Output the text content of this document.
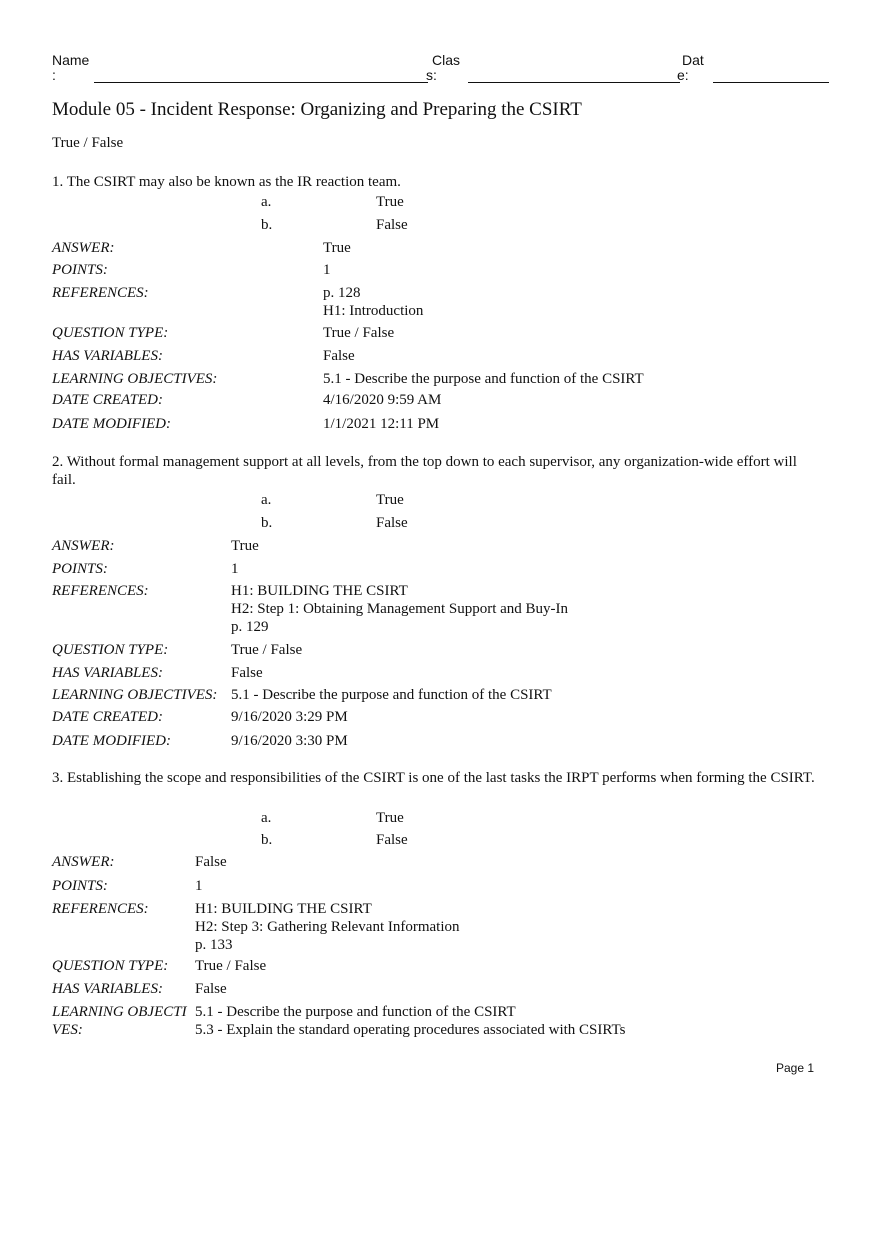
Name
:
Clas
s:
Dat
e:
Module 05 - Incident Response: Organizing and Preparing the CSIRT
True / False
1. The CSIRT may also be known as the IR reaction team.
a.	True
b.	False
ANSWER:	True
POINTS:	1
REFERENCES:	p. 128
H1: Introduction
QUESTION TYPE:	True / False
HAS VARIABLES:	False
LEARNING OBJECTIVES:	5.1 - Describe the purpose and function of the CSIRT
DATE CREATED:	4/16/2020 9:59 AM
DATE MODIFIED:	1/1/2021 12:11 PM
2. Without formal management support at all levels, from the top down to each supervisor, any organization-wide effort will fail.
a.	True
b.	False
ANSWER:	True
POINTS:	1
REFERENCES:	H1: BUILDING THE CSIRT
H2: Step 1: Obtaining Management Support and Buy-In
p. 129
QUESTION TYPE:	True / False
HAS VARIABLES:	False
LEARNING OBJECTIVES: 5.1 - Describe the purpose and function of the CSIRT
DATE CREATED:	9/16/2020 3:29 PM
DATE MODIFIED:	9/16/2020 3:30 PM
3. Establishing the scope and responsibilities of the CSIRT is one of the last tasks the IRPT performs when forming the CSIRT.
a.	True
b.	False
ANSWER:	False
POINTS:	1
REFERENCES:	H1: BUILDING THE CSIRT
H2: Step 3: Gathering Relevant Information
p. 133
QUESTION TYPE: True / False
HAS VARIABLES: False
LEARNING OBJECTI
VES:
5.1 - Describe the purpose and function of the CSIRT
5.3 - Explain the standard operating procedures associated with CSIRTs
Page 1
